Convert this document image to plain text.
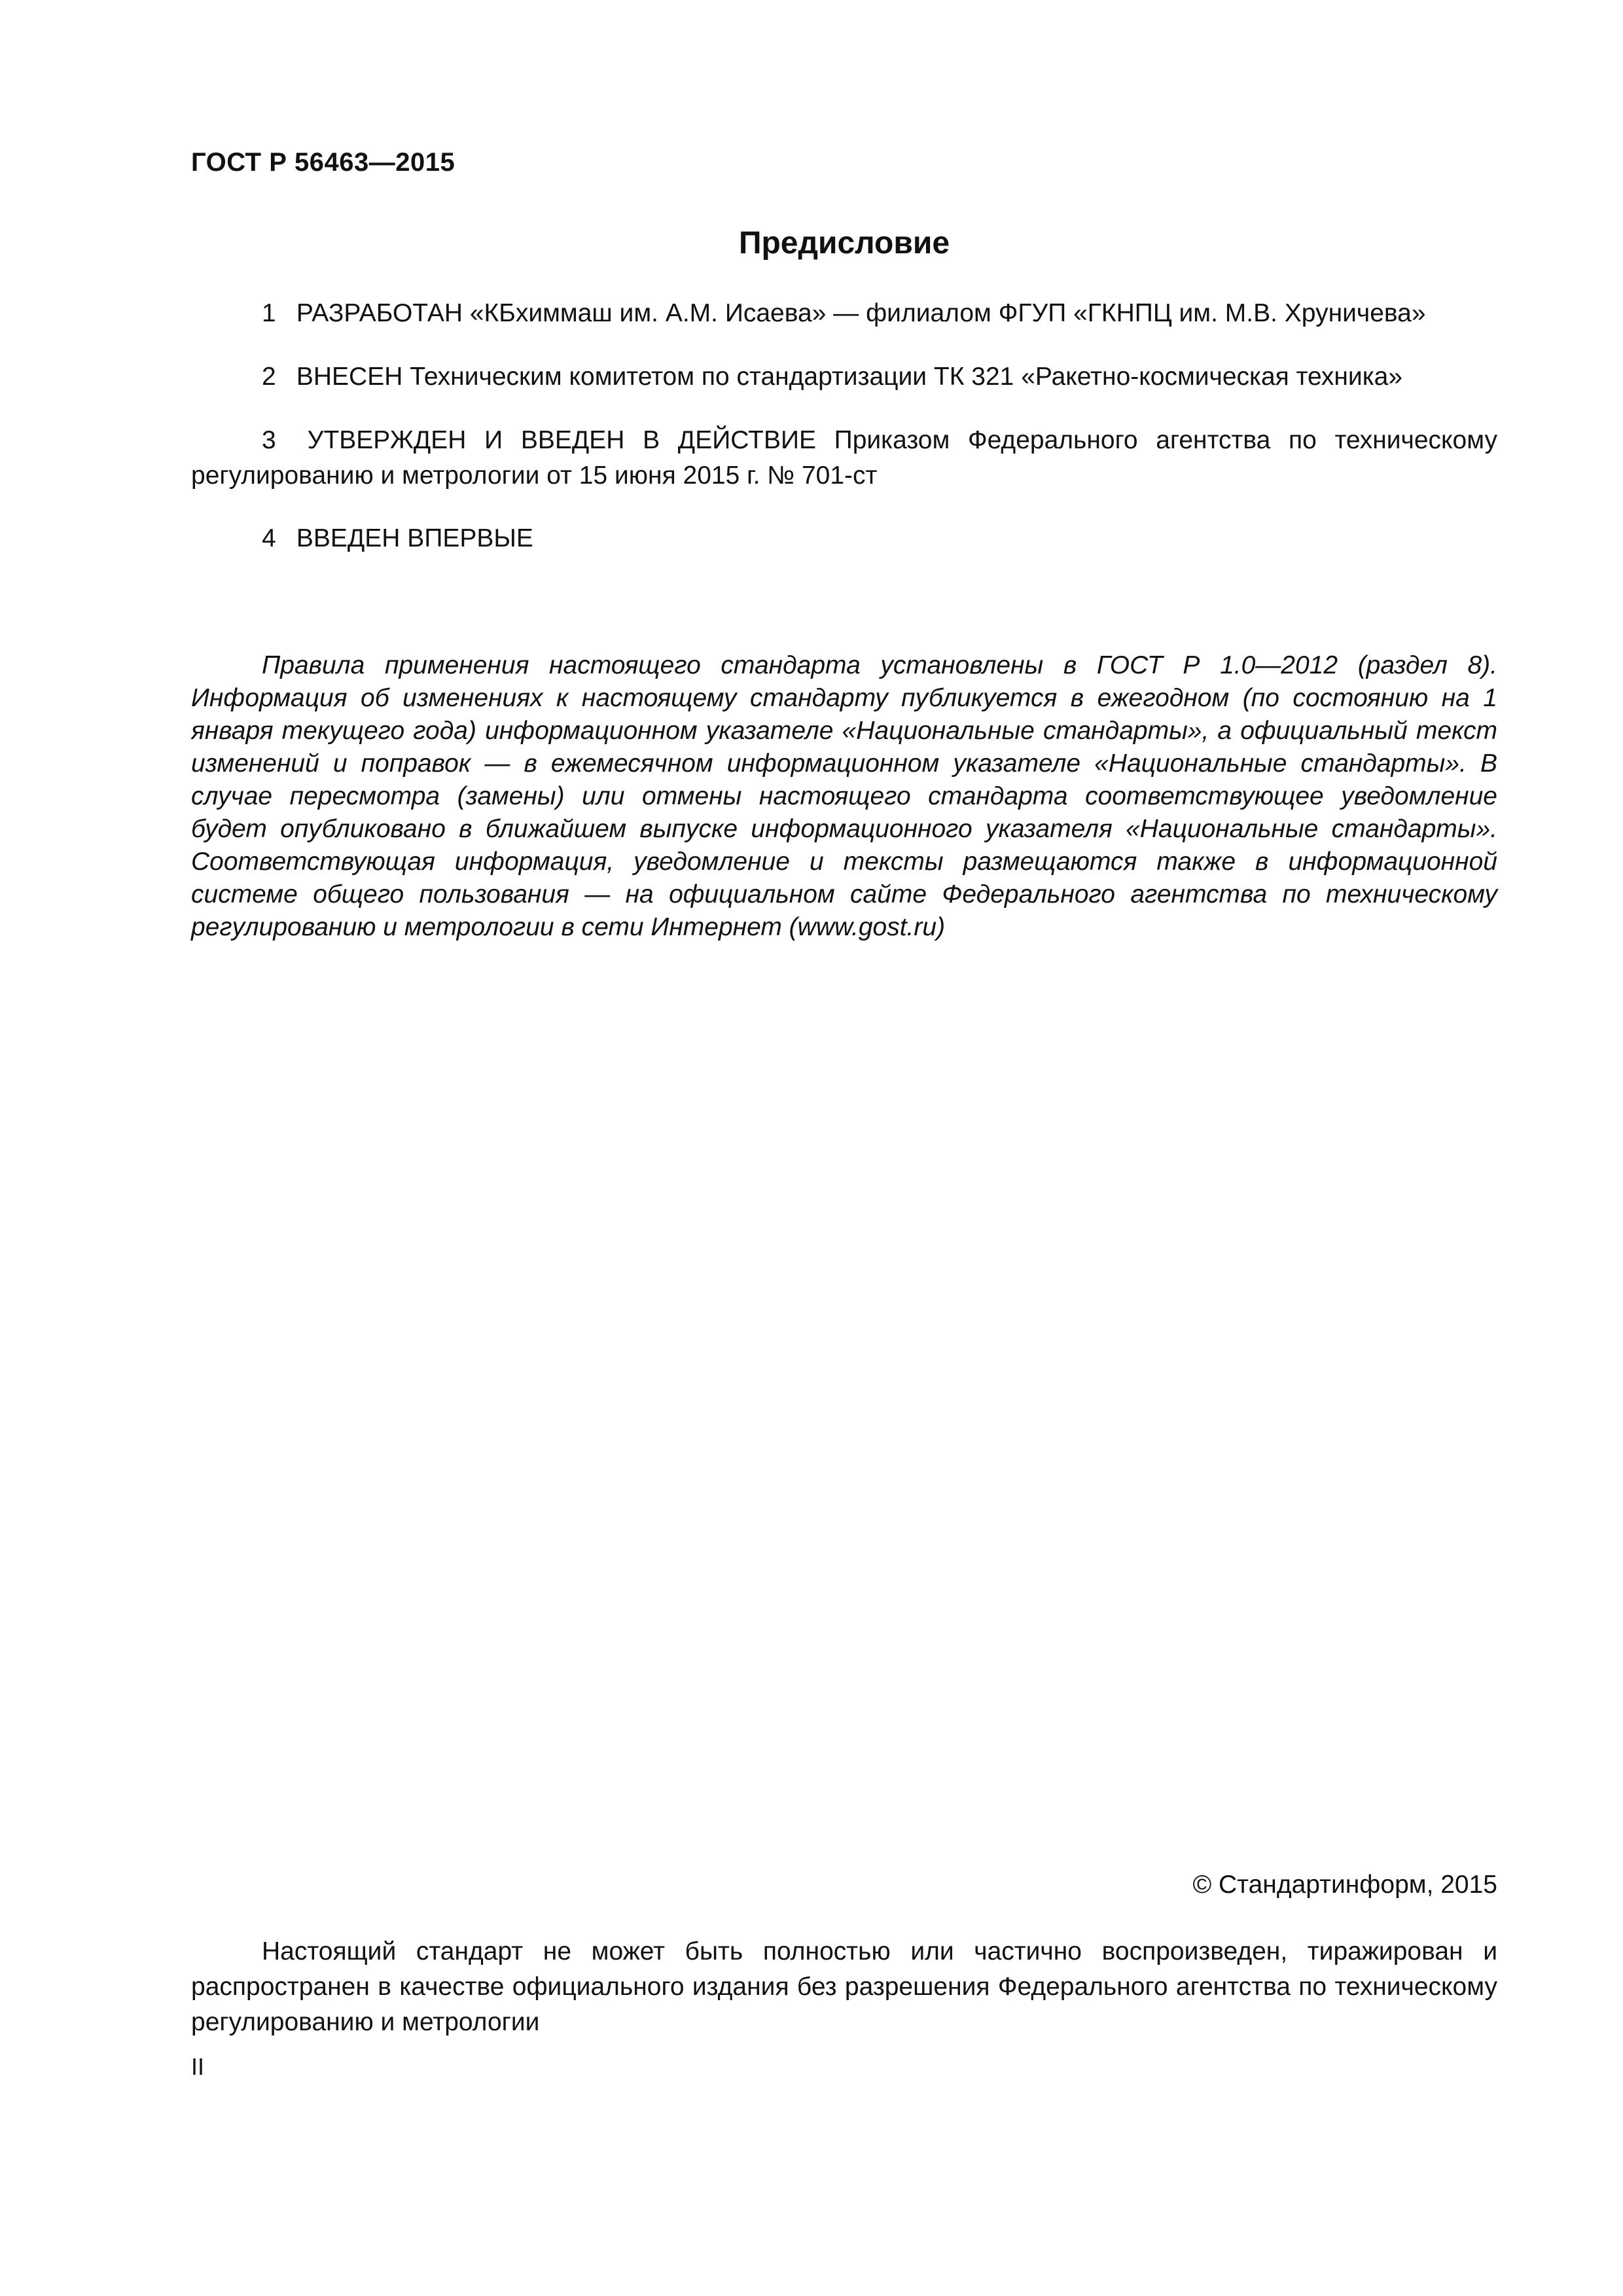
ГОСТ Р 56463—2015
Предисловие
1 РАЗРАБОТАН «КБхиммаш им. А.М. Исаева» — филиалом ФГУП «ГКНПЦ им. М.В. Хруничева»
2 ВНЕСЕН Техническим комитетом по стандартизации ТК 321 «Ракетно-космическая техника»
3 УТВЕРЖДЕН И ВВЕДЕН В ДЕЙСТВИЕ Приказом Федерального агентства по техническому регулированию и метрологии от 15 июня 2015 г. № 701-ст
4 ВВЕДЕН ВПЕРВЫЕ
Правила применения настоящего стандарта установлены в ГОСТ Р 1.0—2012 (раздел 8). Информация об изменениях к настоящему стандарту публикуется в ежегодном (по состоянию на 1 января текущего года) информационном указателе «Национальные стандарты», а официальный текст изменений и поправок — в ежемесячном информационном указателе «Национальные стандарты». В случае пересмотра (замены) или отмены настоящего стандарта соответствующее уведомление будет опубликовано в ближайшем выпуске информационного указателя «Национальные стандарты». Соответствующая информация, уведомление и тексты размещаются также в информационной системе общего пользования — на официальном сайте Федерального агентства по техническому регулированию и метрологии в сети Интернет (www.gost.ru)
© Стандартинформ, 2015
Настоящий стандарт не может быть полностью или частично воспроизведен, тиражирован и распространен в качестве официального издания без разрешения Федерального агентства по техническому регулированию и метрологии
II
